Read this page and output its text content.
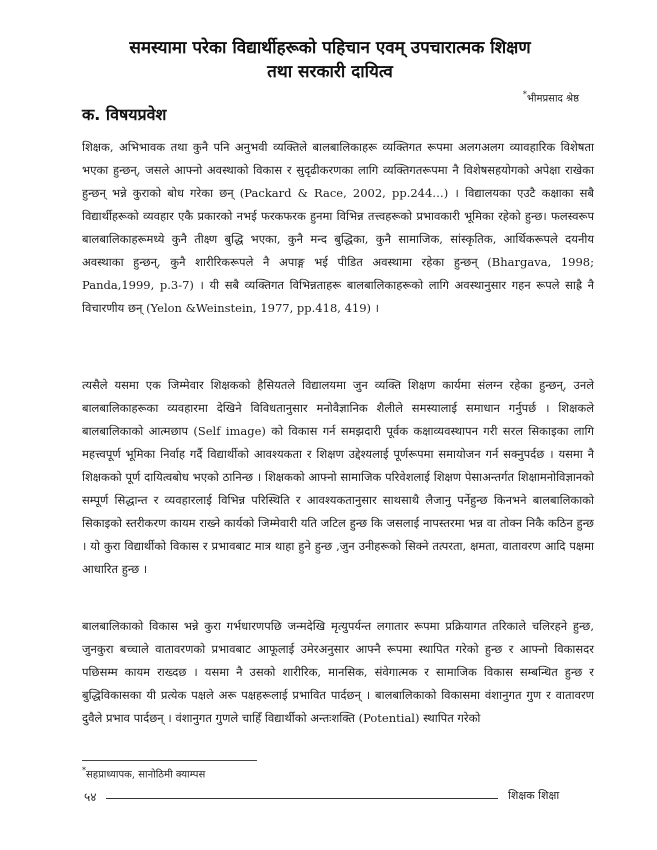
समस्यामा परेका विद्यार्थीहरूको पहिचान एवम् उपचारात्मक शिक्षण
तथा सरकारी दायित्व
*भीमप्रसाद श्रेष्ठ
क. विषयप्रवेश

शिक्षक, अभिभावक तथा कुनै पनि अनुभवी व्यक्तिले बालबालिकाहरू व्यक्तिगत रूपमा अलगअलग व्यावहारिक विशेषता भएका हुन्छन्, जसले आफ्नो अवस्थाको विकास र सुदृढीकरणका लागि व्यक्तिगतरूपमा नै विशेषसहयोगको अपेक्षा राखेका हुन्छन् भन्ने कुराको बोध गरेका छन् (Packard & Race, 2002, pp.244…) । विद्यालयका एउटै कक्षाका सबै विद्यार्थीहरूको व्यवहार एकै प्रकारको नभई फरकफरक हुनमा विभिन्न तत्त्वहरूको प्रभावकारी भूमिका रहेको हुन्छ। फलस्वरूप बालबालिकाहरूमध्ये कुनै तीक्ष्ण बुद्धि भएका, कुनै मन्द बुद्धिका, कुनै सामाजिक, सांस्कृतिक, आर्थिकरूपले दयनीय अवस्थाका हुन्छन्, कुनै शारीरिकरूपले नै अपाङ्ग भई पीडित अवस्थामा रहेका हुन्छन् (Bhargava, 1998; Panda,1999, p.3-7) । यी सबै व्यक्तिगत विभिन्नताहरू बालबालिकाहरूको लागि अवस्थानुसार गहन रूपले साह्रै नै विचारणीय छन् (Yelon &Weinstein, 1977, pp.418, 419) ।

त्यसैले यसमा एक जिम्मेवार शिक्षकको हैसियतले विद्यालयमा जुन व्यक्ति शिक्षण कार्यमा संलग्न रहेका हुन्छन्, उनले बालबालिकाहरूका व्यवहारमा देखिने विविधतानुसार मनोवैज्ञानिक शैलीले समस्यालाई समाधान गर्नुपर्छ । शिक्षकले बालबालिकाको आत्मछाप (Self image) को विकास गर्न समझदारी पूर्वक कक्षाव्यवस्थापन गरी सरल सिकाइका लागि महत्त्वपूर्ण भूमिका निर्वाह गर्दै विद्यार्थीको आवश्यकता र शिक्षण उद्देश्यलाई पूर्णरूपमा समायोजन गर्न सक्नुपर्दछ । यसमा नै शिक्षकको पूर्ण दायित्वबोध भएको ठानिन्छ । शिक्षकको आफ्नो सामाजिक परिवेशलाई शिक्षण पेसाअन्तर्गत शिक्षामनोविज्ञानको सम्पूर्ण सिद्धान्त र व्यवहारलाई विभिन्न परिस्थिति र आवश्यकतानुसार साथसाथै लैजानु पर्नेहुन्छ किनभने बालबालिकाको सिकाइको स्तरीकरण कायम राख्ने कार्यको जिम्मेवारी यति जटिल हुन्छ कि जसलाई नापस्तरमा भन्न वा तोक्न निकै कठिन हुन्छ । यो कुरा विद्यार्थीको विकास र प्रभावबाट मात्र थाहा हुने हुन्छ ,जुन उनीहरूको सिक्ने तत्परता, क्षमता, वातावरण आदि पक्षमा आधारित हुन्छ ।

बालबालिकाको विकास भन्ने कुरा गर्भधारणपछि जन्मदेखि मृत्युपर्यन्त लगातार रूपमा प्रक्रियागत तरिकाले चलिरहने हुन्छ, जुनकुरा बच्चाले वातावरणको प्रभावबाट आफूलाई उमेरअनुसार आफ्नै रूपमा स्थापित गरेको हुन्छ र आफ्नो विकासदर पछिसम्म कायम राख्दछ । यसमा नै उसको शारीरिक, मानसिक, संवेगात्मक र सामाजिक विकास सम्बन्धित हुन्छ र बुद्धिविकासका यी प्रत्येक पक्षले अरू पक्षहरूलाई प्रभावित पार्दछन् । बालबालिकाको विकासमा वंशानुगत गुण र वातावरण दुवैले प्रभाव पार्दछन् । वंशानुगत गुणले चाहिँ विद्यार्थीको अन्तःशक्ति (Potential) स्थापित गरेको

*सहप्राध्यापक, सानोठिमी क्याम्पस
५४	शिक्षक शिक्षा
